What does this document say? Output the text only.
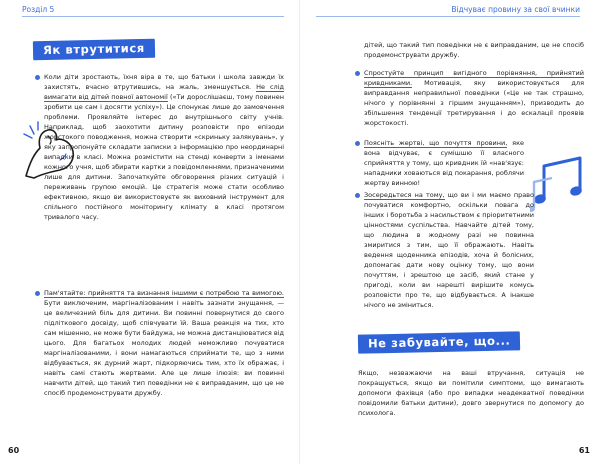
Розділ 5
Як втрутитися

Коли діти зростають, їхня віра в те, що батьки і школа завжди їх захистять, вчасно втрутившись, на жаль, зменшується. Не слід вимагати від дітей повної автономії («Ти дорослішаєш, тому повинен зробити це сам і досягти успіху»). Це спонукає лише до замовчення проблеми. Проявляйте інтерес до внутрішнього світу учнів. Наприклад, щоб заохотити дитину розповісти про епізоди жорстокого поводження, можна створити «скриньку залякувань», у яку запропонуйте складати записки з інформацією про неординарні випадки в класі. Можна розмістити на стенді конверти з іменами кожного учня, щоб збирати картки з повідомленнями, призначеними лише для дитини. Започаткуйте обговорення різних ситуацій і переживань групою емоцій. Це стратегія може стати особливо ефективною, якщо ви використовуєте як виховний інструмент для спільного постійного моніторингу клімату в класі протягом тривалого часу.

Пам'ятайте: прийняття та визнання іншими є потребою та вимогою. Бути виключеним, маргіналізованим і навіть зазнати знущання, — це величезний біль для дитини. Ви повинні повернутися до свого підліткового досвіду, щоб співчувати їй. Ваша реакція на тих, хто сам мішенню, не може бути байдужа, не можна дистанціюватися від цього. Для багатьох молодих людей неможливо почуватися маргіналізованими, і вони намагаються сприймати те, що з ними відбувається, як дурний жарт, підкоряючись тим, хто їх ображає, і навіть самі стають жертвами. Але це лише ілюзія: ви повинні навчити дітей, що такий тип поведінки не є виправданим, що це не спосіб продемонструвати дружбу.

60
Відчуває провину за свої вчинки

дітей, що такий тип поведінки не є виправданим, це не спосіб продемонструвати дружбу.

Спростуйте принцип вигідного порівняння, прийнятий кривдниками. Мотивація, яку використовується для виправдання неправильної поведінки («Це не так страшно, нічого у порівнянні з гіршим знущанням»), призводить до збільшення тенденції третирування і до ескалації проявів жорстокості.

Поясніть жертві, що почуття провини, яке вона відчуває, є сумішшю її власного сприйняття у тому, що кривдник їй «нав'язує: нападники ховаються від покарання, роблячи жертву винною!

Зосередьтеся на тому, що ви і ми маємо право почуватися комфортно, оскільки повага до інших і боротьба з насильством є пріоритетними цінностями суспільства. Навчайте дітей тому, що людина в жодному разі не повинна змиритися з тим, що її ображають. Навіть ведення щоденника епізодів, хоча й болісних, допомагає дати нову оцінку тому, що вони почуттям, і зрештою це засіб, який стане у пригоді, коли ви нарешті вирішите комусь розповісти про те, що відбувається. А інакше нічого не зміниться.

Не забувайте, що...

Якщо, незважаючи на ваші втручання, ситуація не покращується, якщо ви помітили симптоми, що вимагають допомоги фахівця (або про випадки неадекватної поведінки повідомили батьки дитини), довго звернутися по допомогу до психолога.

61
